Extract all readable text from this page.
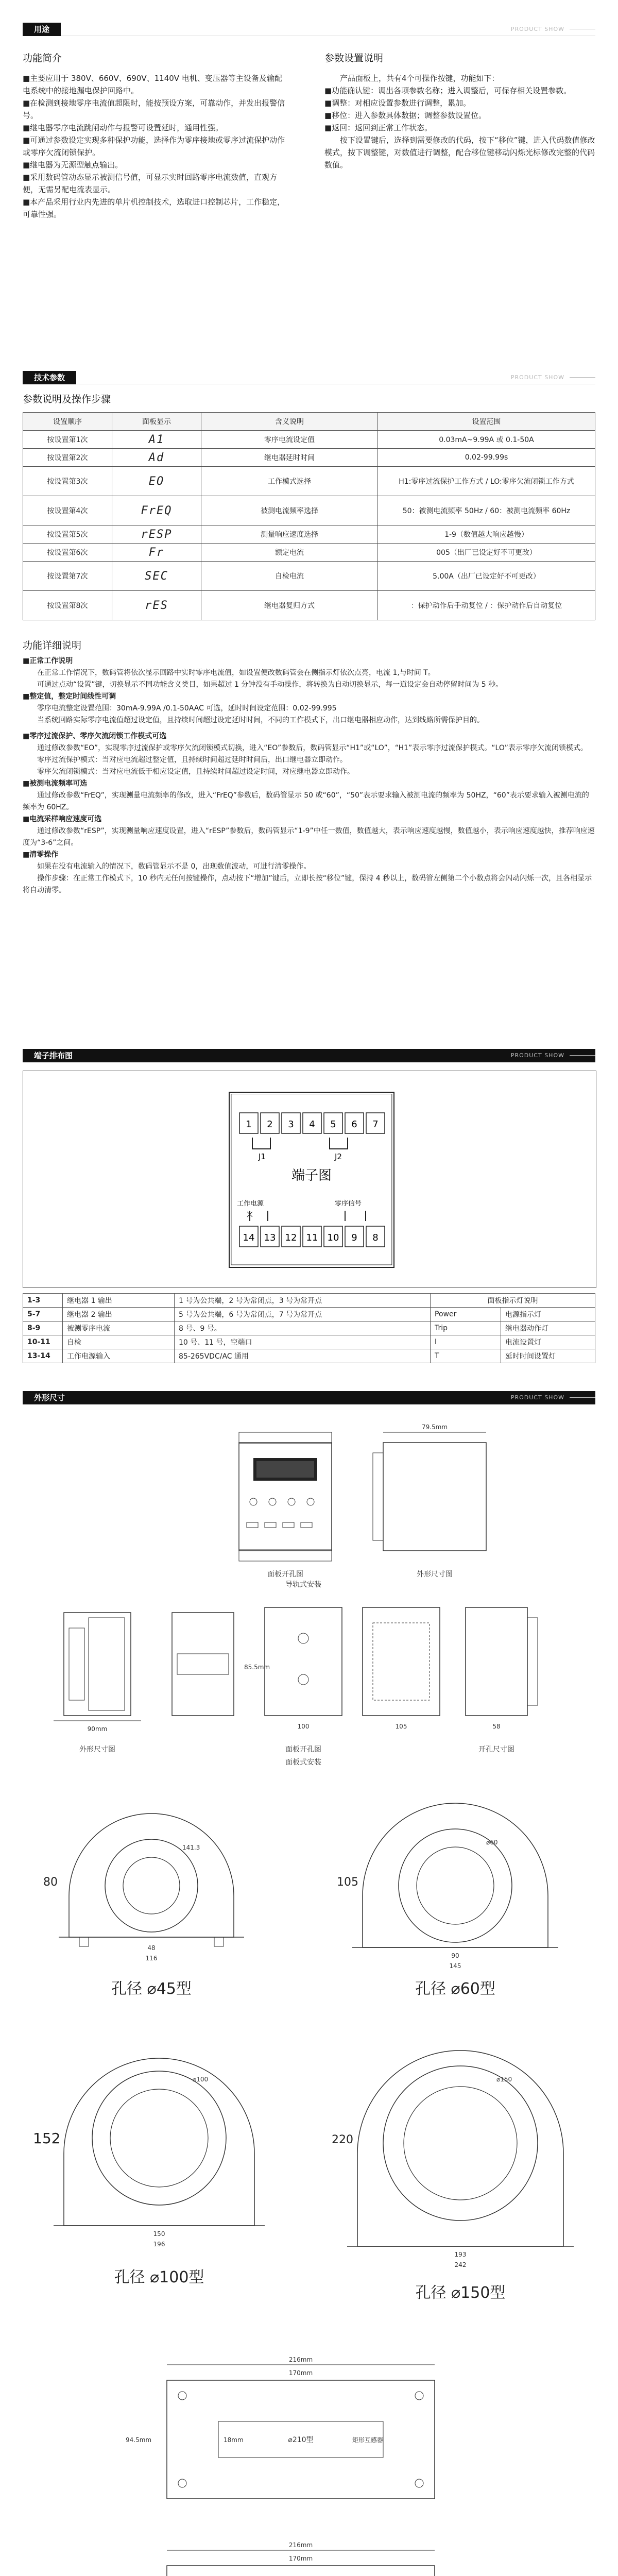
用途	PRODUCT SHOW
功能简介

■主要应用于 380V、660V、690V、1140V 电机、变压器等主设备及输配电系统中的接地漏电保护回路中。

■在检测到接地零序电流值超限时，能按预设方案，可靠动作，并发出报警信号。

■继电器零序电流跳闸动作与报警可设置延时，通用性强。

■可通过参数设定实现多种保护功能，选择作为零序接地或零序过流保护动作或零序欠流闭锁保护。

■继电器为无源型触点输出。

■采用数码管动态显示被测信号值，可显示实时回路零序电流数值，直观方便，无需另配电流表显示。

■本产品采用行业内先进的单片机控制技术，选取进口控制芯片，工作稳定，可靠性强。

参数设置说明

产品面板上，共有4个可操作按键，功能如下：

■功能确认键：调出各项参数名称；进入调整后，可保存相关设置参数。

■调整：对相应设置参数进行调整，累加。

■移位：进入参数具体数据；调整参数设置位。

■返回：返回到正常工作状态。

按下设置键后，选择到需要修改的代码，按下“移位”键，进入代码数值修改模式，按下调整键，对数值进行调整，配合移位键移动闪烁光标修改完整的代码数值。

技术参数	PRODUCT SHOW
参数说明及操作步骤
设置顺序	面板显示	含义说明	设置范围
按设置第1次	A1	零序电流设定值	0.03mA~9.99A 或 0.1-50A
按设置第2次	Ad	继电器延时时间	0.02-99.99s
按设置第3次	EO	工作模式选择	H1:零序过流保护工作方式 / LO:零序欠流闭锁工作方式
按设置第4次	FrEQ	被测电流频率选择	50：被测电流频率 50Hz / 60：被测电流频率 60Hz
按设置第5次	rESP	测量响应速度选择	1-9（数值越大响应越慢）
按设置第6次	Fr	额定电流	005（出厂已设定好不可更改）
按设置第7次	SEC	自检电流	5.00A（出厂已设定好不可更改）
按设置第8次	rES	继电器复归方式	：保护动作后手动复位 / ：保护动作后自动复位
功能详细说明

■正常工作说明

在正常工作情况下，数码管将依次显示回路中实时零序电流值，如设置便改数码管会在侧指示灯依次点亮，电流 1,与时间 T。

可通过点动“设置”键，切换显示不同功能含义类目，如果超过 1 分钟没有手动操作，将转换为自动切换显示，每一道设定会自动停留时间为 5 秒。

■整定值，整定时间线性可调

零序电流整定设置范围：30mA-9.99A /0.1-50AAC 可选，延时时间设定范围：0.02-99.995

当系统回路实际零序电流值超过设定值，且持续时间超过设定延时时间，不同的工作模式下，出口继电器相应动作，达到线路所需保护目的。

■零序过流保护、零序欠流闭锁工作模式可选

通过修改参数“EO”，实现零序过流保护或零序欠流闭锁模式切换，进入“EO”参数后，数码管显示“H1”或“LO”，“H1”表示零序过流保护模式。“LO”表示零序欠流闭锁模式。

零序过流保护模式：当对应电流超过整定值，且持续时间超过延时时间后，出口继电器立即动作。

零序欠流闭锁模式：当对应电流低于相应设定值，且持续时间超过设定时间，对应继电器立即动作。

■被测电流频率可选

通过修改参数“FrEQ”，实现测量电流频率的修改，进入“FrEQ”参数后，数码管显示 50 或“60”，“50”表示要求输入被测电流的频率为 50HZ，“60”表示要求输入被测电流的频率为 60HZ。

■电流采样响应速度可选

通过修改参数“rESP”，实现测量响应速度设置，进入“rESP”参数后，数码管显示“1-9”中任一数值，数值越大，表示响应速度越慢，数值越小，表示响应速度越快，推荐响应速度为“3-6”之间。

■清零操作

如果在没有电流输入的情况下，数码管显示不是 0，出现数值波动，可进行清零操作。

操作步骤：在正常工作模式下，10 秒内无任何按键操作，点动按下“增加”键后，立即长按“移位”键，保持 4 秒以上，数码管左侧第二个小数点将会闪动闪烁一次，且各相显示将自动清零。

端子排布图	PRODUCT SHOW
1 2 3 4 5 6 7
14 13 12 11 10 9 8
J1	J2
端子图
工作电源	零序信号
1-3	继电器 1 输出	1 号为公共端，2 号为常闭点，3 号为常开点	面板指示灯说明	
5-7	继电器 2 输出	5 号为公共端，6 号为常闭点，7 号为常开点	Power	电源指示灯
8-9	被测零序电流	8 号、9 号。	Trip	继电器动作灯
10-11	自检	10 号、11 号，空端口	I	电流设置灯
13-14	工作电源输入	85-265VDC/AC 通用	T	延时时间设置灯
外形尺寸	PRODUCT SHOW
面板开孔图
79.5mm
外形尺寸图
90mm
外形尺寸图
85.5mm
100
面板开孔图
105	58
开孔尺寸图
导轨式安装
面板式安装
80
116
48
141.3
孔径 ⌀45型
105
145
90
⌀60
孔径 ⌀60型
152
196
150
⌀100
孔径 ⌀100型
220
242
193
⌀150
孔径 ⌀150型
216mm
170mm
94.5mm	18mm	⌀210型	矩形互感器
216mm
170mm
